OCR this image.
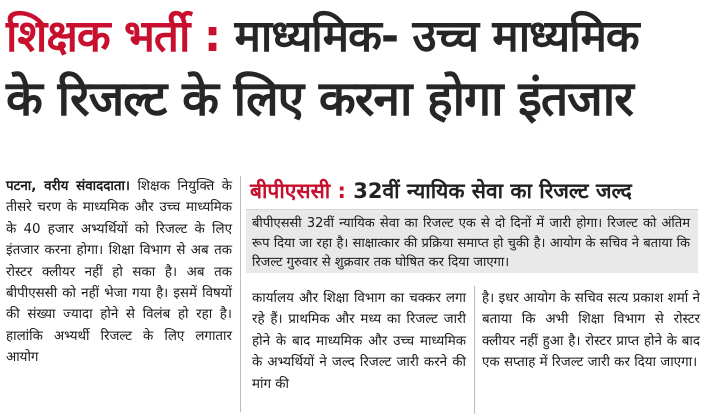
शिक्षक भर्ती : माध्यमिक- उच्च माध्यमिक
के रिजल्ट के लिए करना होगा इंतजार
पटना, वरीय संवाददाता। शिक्षक नियुक्ति के तीसरे चरण के माध्यमिक और उच्च माध्यमिक के 40 हजार अभ्यर्थियों को रिजल्ट के लिए इंतजार करना होगा। शिक्षा विभाग से अब तक रोस्टर क्लीयर नहीं हो सका है। अब तक बीपीएससी को नहीं भेजा गया है। इसमें विषयों की संख्या ज्यादा होने से विलंब हो रहा है। हालांकि अभ्यर्थी रिजल्ट के लिए लगातार आयोग
बीपीएससी : 32वीं न्यायिक सेवा का रिजल्ट जल्द
बीपीएससी 32वीं न्यायिक सेवा का रिजल्ट एक से दो दिनों में जारी होगा। रिजल्ट को अंतिम रूप दिया जा रहा है। साक्षात्कार की प्रक्रिया समाप्त हो चुकी है। आयोग के सचिव ने बताया कि रिजल्ट गुरुवार से शुक्रवार तक घोषित कर दिया जाएगा।
कार्यालय और शिक्षा विभाग का चक्कर लगा रहे हैं। प्राथमिक और मध्य का रिजल्ट जारी होने के बाद माध्यमिक और उच्च माध्यमिक के अभ्यर्थियों ने जल्द रिजल्ट जारी करने की मांग की
है। इधर आयोग के सचिव सत्य प्रकाश शर्मा ने बताया कि अभी शिक्षा विभाग से रोस्टर क्लीयर नहीं हुआ है। रोस्टर प्राप्त होने के बाद एक सप्ताह में रिजल्ट जारी कर दिया जाएगा।
